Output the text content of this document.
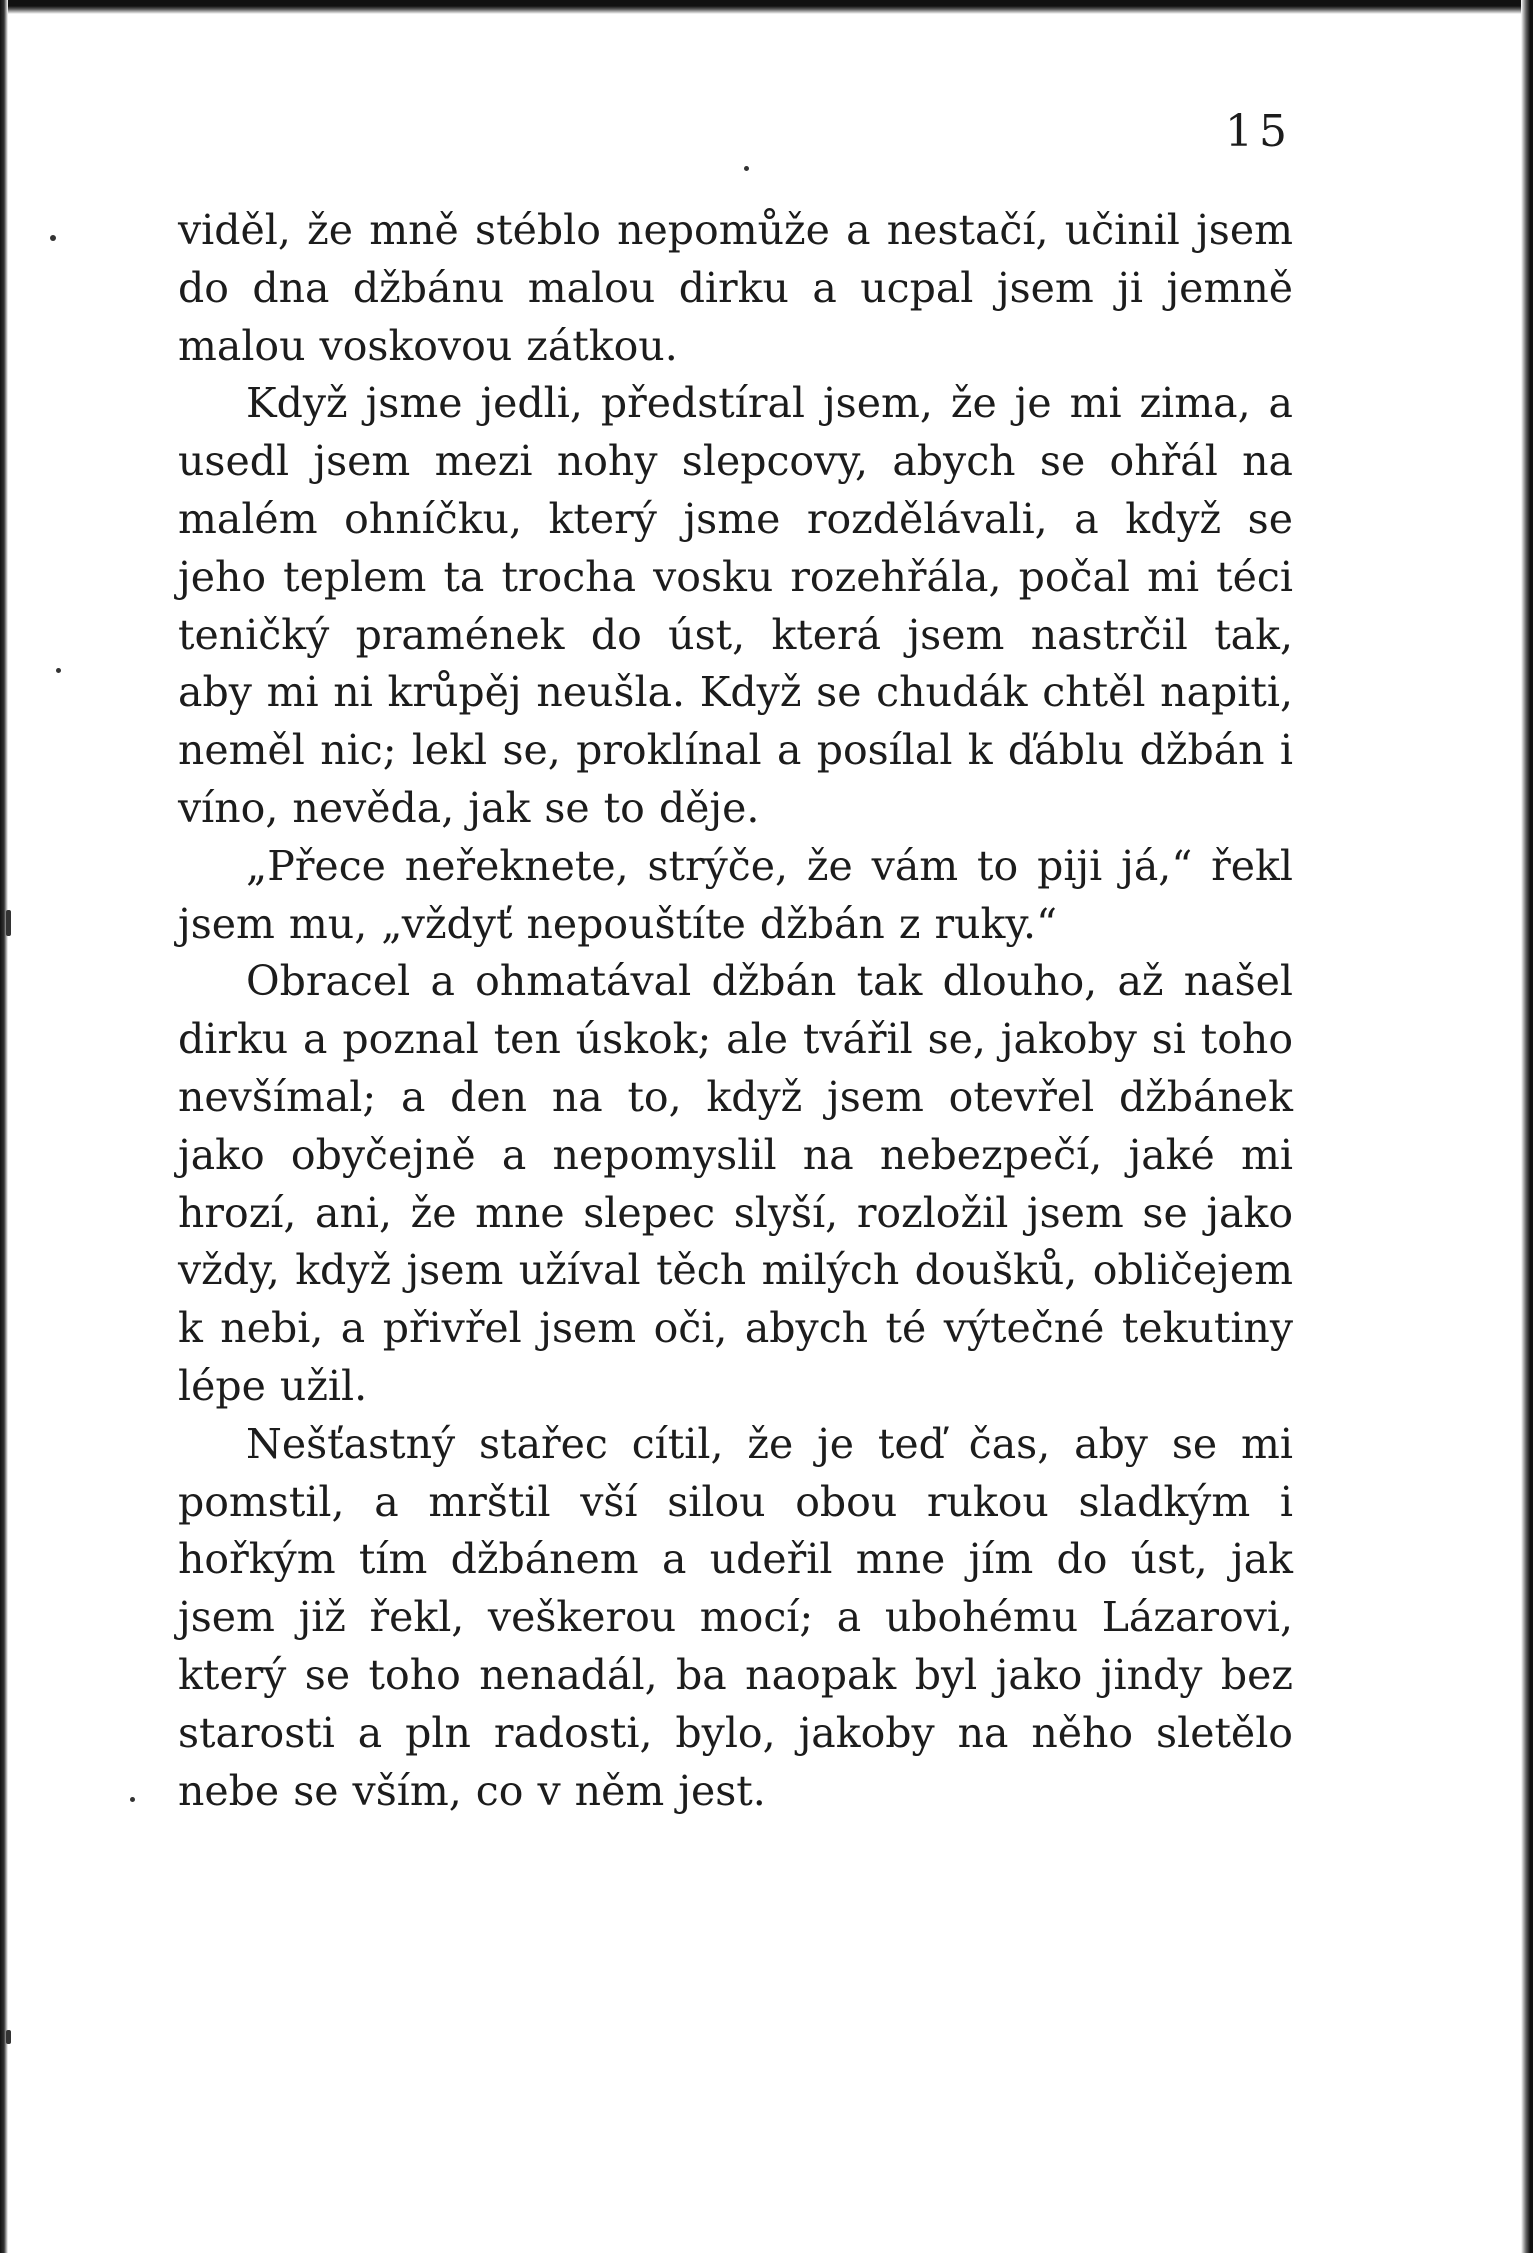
15

viděl, že mně stéblo nepomůže a nestačí, učinil jsem do dna džbánu malou dirku a ucpal jsem ji jemně malou voskovou zátkou.

Když jsme jedli, předstíral jsem, že je mi zima, a usedl jsem mezi nohy slepcovy, abych se ohřál na malém ohníčku, který jsme rozdělávali, a když se jeho teplem ta trocha vosku rozehřála, počal mi téci teničký pramének do úst, která jsem nastrčil tak, aby mi ni krůpěj neušla. Když se chudák chtěl napiti, neměl nic; lekl se, proklínal a posílal k ďáblu džbán i víno, nevěda, jak se to děje.

„Přece neřeknete, strýče, že vám to piji já,“ řekl jsem mu, „vždyť nepouštíte džbán z ruky.“

Obracel a ohmatával džbán tak dlouho, až našel dirku a poznal ten úskok; ale tvářil se, jakoby si toho nevšímal; a den na to, když jsem otevřel džbánek jako obyčejně a nepomyslil na nebezpečí, jaké mi hrozí, ani, že mne slepec slyší, rozložil jsem se jako vždy, když jsem užíval těch milých doušků, obličejem k nebi, a přivřel jsem oči, abych té výtečné tekutiny lépe užil.

Nešťastný stařec cítil, že je teď čas, aby se mi pomstil, a mrštil vší silou obou rukou sladkým i hořkým tím džbánem a udeřil mne jím do úst, jak jsem již řekl, veškerou mocí; a ubohému Lázarovi, který se toho nenadál, ba naopak byl jako jindy bez starosti a pln radosti, bylo, jakoby na něho sletělo nebe se vším, co v něm jest.
